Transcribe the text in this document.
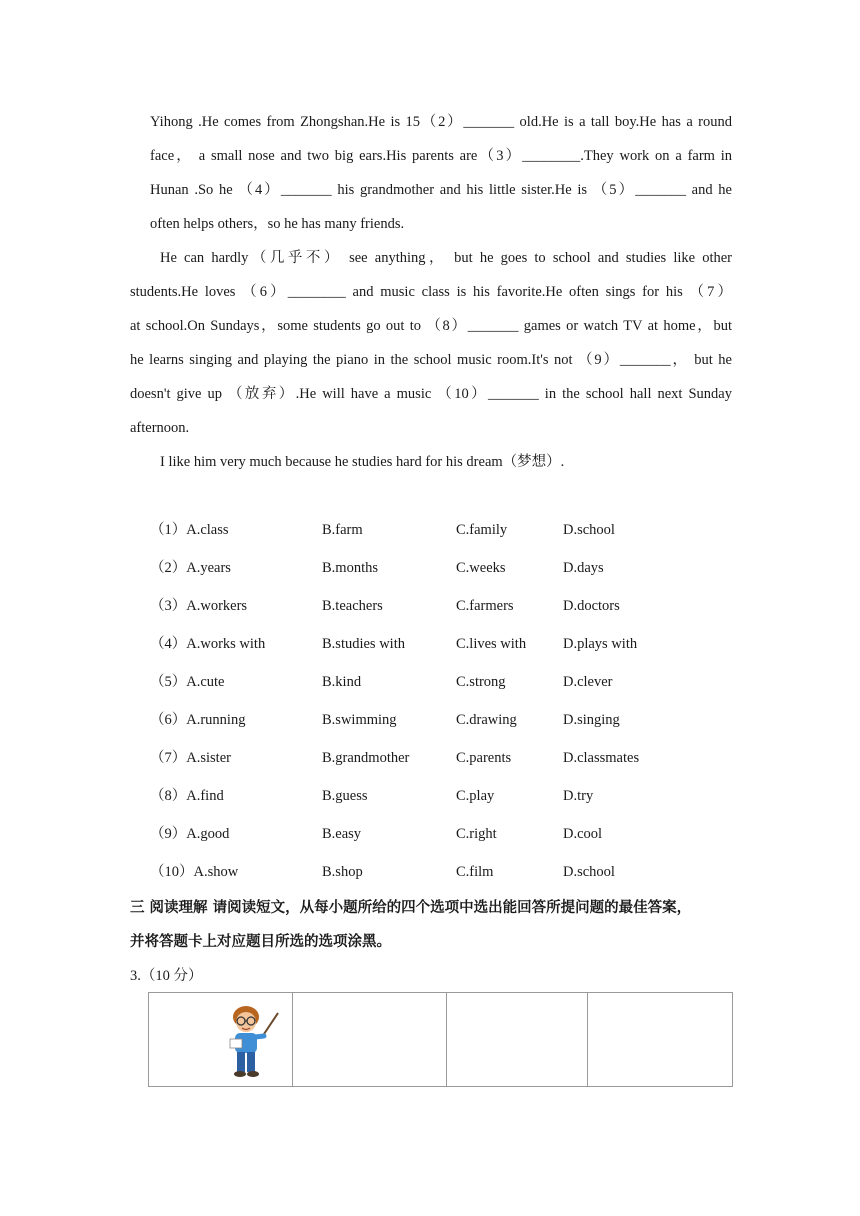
Yihong .He comes from Zhongshan.He is 15（2）_______ old.He is a tall boy.He has a round
face， a small nose and two big ears.His parents are（3）________.They work on a farm in
Hunan .So he （4）_______ his grandmother and his little sister.He is （5）_______ and he
often helps others，so he has many friends.
He can hardly（几乎不） see anything， but he goes to school and studies like other
students.He loves （6）________ and music class is his favorite.He often sings for his （7）
at school.On Sundays，some students go out to （8）_______ games or watch TV at home，but
he learns singing and playing the piano in the school music room.It's not （9）_______， but he
doesn't give up （放弃）.He will have a music （10）_______ in the school hall next Sunday
afternoon.
I like him very much because he studies hard for his dream（梦想）.
（1）A.class	B.farm	C.family	D.school
（2）A.years	B.months	C.weeks	D.days
（3）A.workers	B.teachers	C.farmers	D.doctors
（4）A.works with	B.studies with	C.lives with	D.plays with
（5）A.cute	B.kind	C.strong	D.clever
（6）A.running	B.swimming	C.drawing	D.singing
（7）A.sister	B.grandmother	C.parents	D.classmates
（8）A.find	B.guess	C.play	D.try
（9）A.good	B.easy	C.right	D.cool
（10）A.show	B.shop	C.film	D.school
三 阅读理解 请阅读短文，从每小题所给的四个选项中选出能回答所提问题的最佳答案，
并将答题卡上对应题目所选的选项涂黑。
3.（10 分）
